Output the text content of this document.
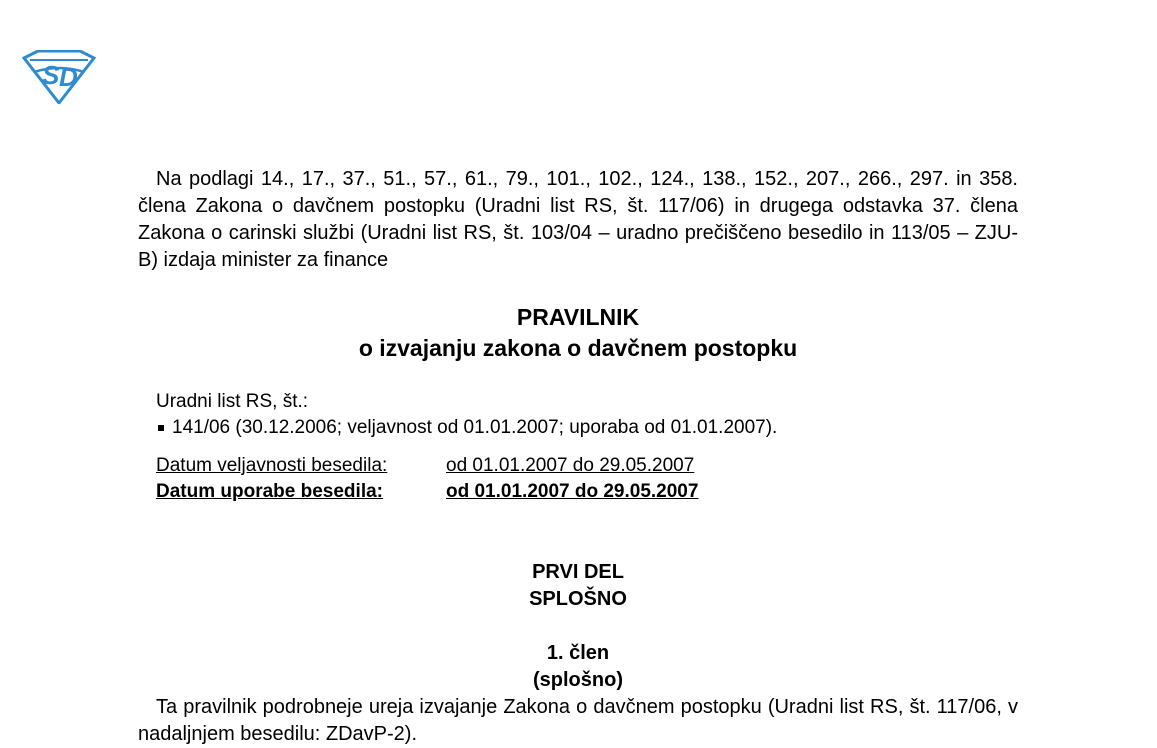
S D

Na podlagi 14., 17., 37., 51., 57., 61., 79., 101., 102., 124., 138., 152., 207., 266., 297. in 358. člena Zakona o davčnem postopku (Uradni list RS, št. 117/06) in drugega odstavka 37. člena Zakona o carinski službi (Uradni list RS, št. 103/04 – uradno prečiščeno besedilo in 113/05 – ZJU-B) izdaja minister za finance

PRAVILNIK
o izvajanju zakona o davčnem postopku
Uradni list RS, št.:
141/06 (30.12.2006; veljavnost od 01.01.2007; uporaba od 01.01.2007).
Datum veljavnosti besedila:	od 01.01.2007 do 29.05.2007
Datum uporabe besedila:	od 01.01.2007 do 29.05.2007
PRVI DEL
SPLOŠNO
1. člen
(splošno)

Ta pravilnik podrobneje ureja izvajanje Zakona o davčnem postopku (Uradni list RS, št. 117/06, v nadaljnjem besedilu: ZDavP-2).
